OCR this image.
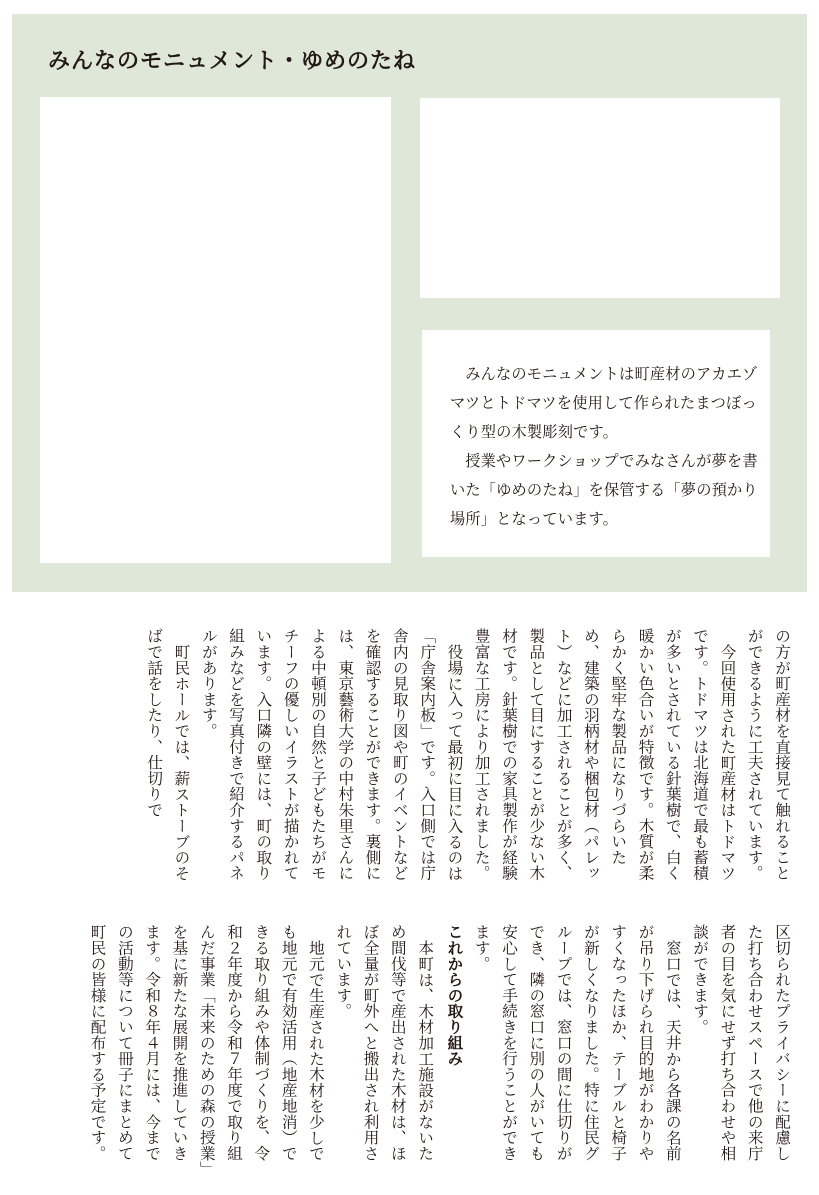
みんなのモニュメント・ゆめのたね

みんなのモニュメントは町産材のアカエゾマツとトドマツを使用して作られたまつぼっくり型の木製彫刻です。

授業やワークショップでみなさんが夢を書いた「ゆめのたね」を保管する「夢の預かり場所」となっています。

の方が町産材を直接見て触れることができるように工夫されています。

今回使用された町産材はトドマツです。トドマツは北海道で最も蓄積が多いとされている針葉樹で、白く暖かい色合いが特徴です。木質が柔らかく堅牢な製品になりづらいため、建築の羽柄材や梱包材（パレット）などに加工されることが多く、製品として目にすることが少ない木材です。針葉樹での家具製作が経験豊富な工房により加工されました。

役場に入って最初に目に入るのは「庁舎案内板」です。入口側では庁舎内の見取り図や町のイベントなどを確認することができます。裏側には、東京藝術大学の中村朱里さんによる中頓別の自然と子どもたちがモチーフの優しいイラストが描かれています。入口隣の壁には、町の取り組みなどを写真付きで紹介するパネルがあります。

町民ホールでは、薪ストーブのそばで話をしたり、仕切りで

区切られたプライバシーに配慮した打ち合わせスペースで他の来庁者の目を気にせず打ち合わせや相談ができます。

窓口では、天井から各課の名前が吊り下げられ目的地がわかりやすくなったほか、テーブルと椅子が新しくなりました。特に住民グループでは、窓口の間に仕切りができ、隣の窓口に別の人がいても安心して手続きを行うことができます。

これからの取り組み

本町は、木材加工施設がないため間伐等で産出された木材は、ほぼ全量が町外へと搬出され利用されています。

地元で生産された木材を少しでも地元で有効活用（地産地消）できる取り組みや体制づくりを、令和２年度から令和７年度で取り組んだ事業「未来のための森の授業」を基に新たな展開を推進していきます。令和８年４月には、今までの活動等について冊子にまとめて町民の皆様に配布する予定です。
